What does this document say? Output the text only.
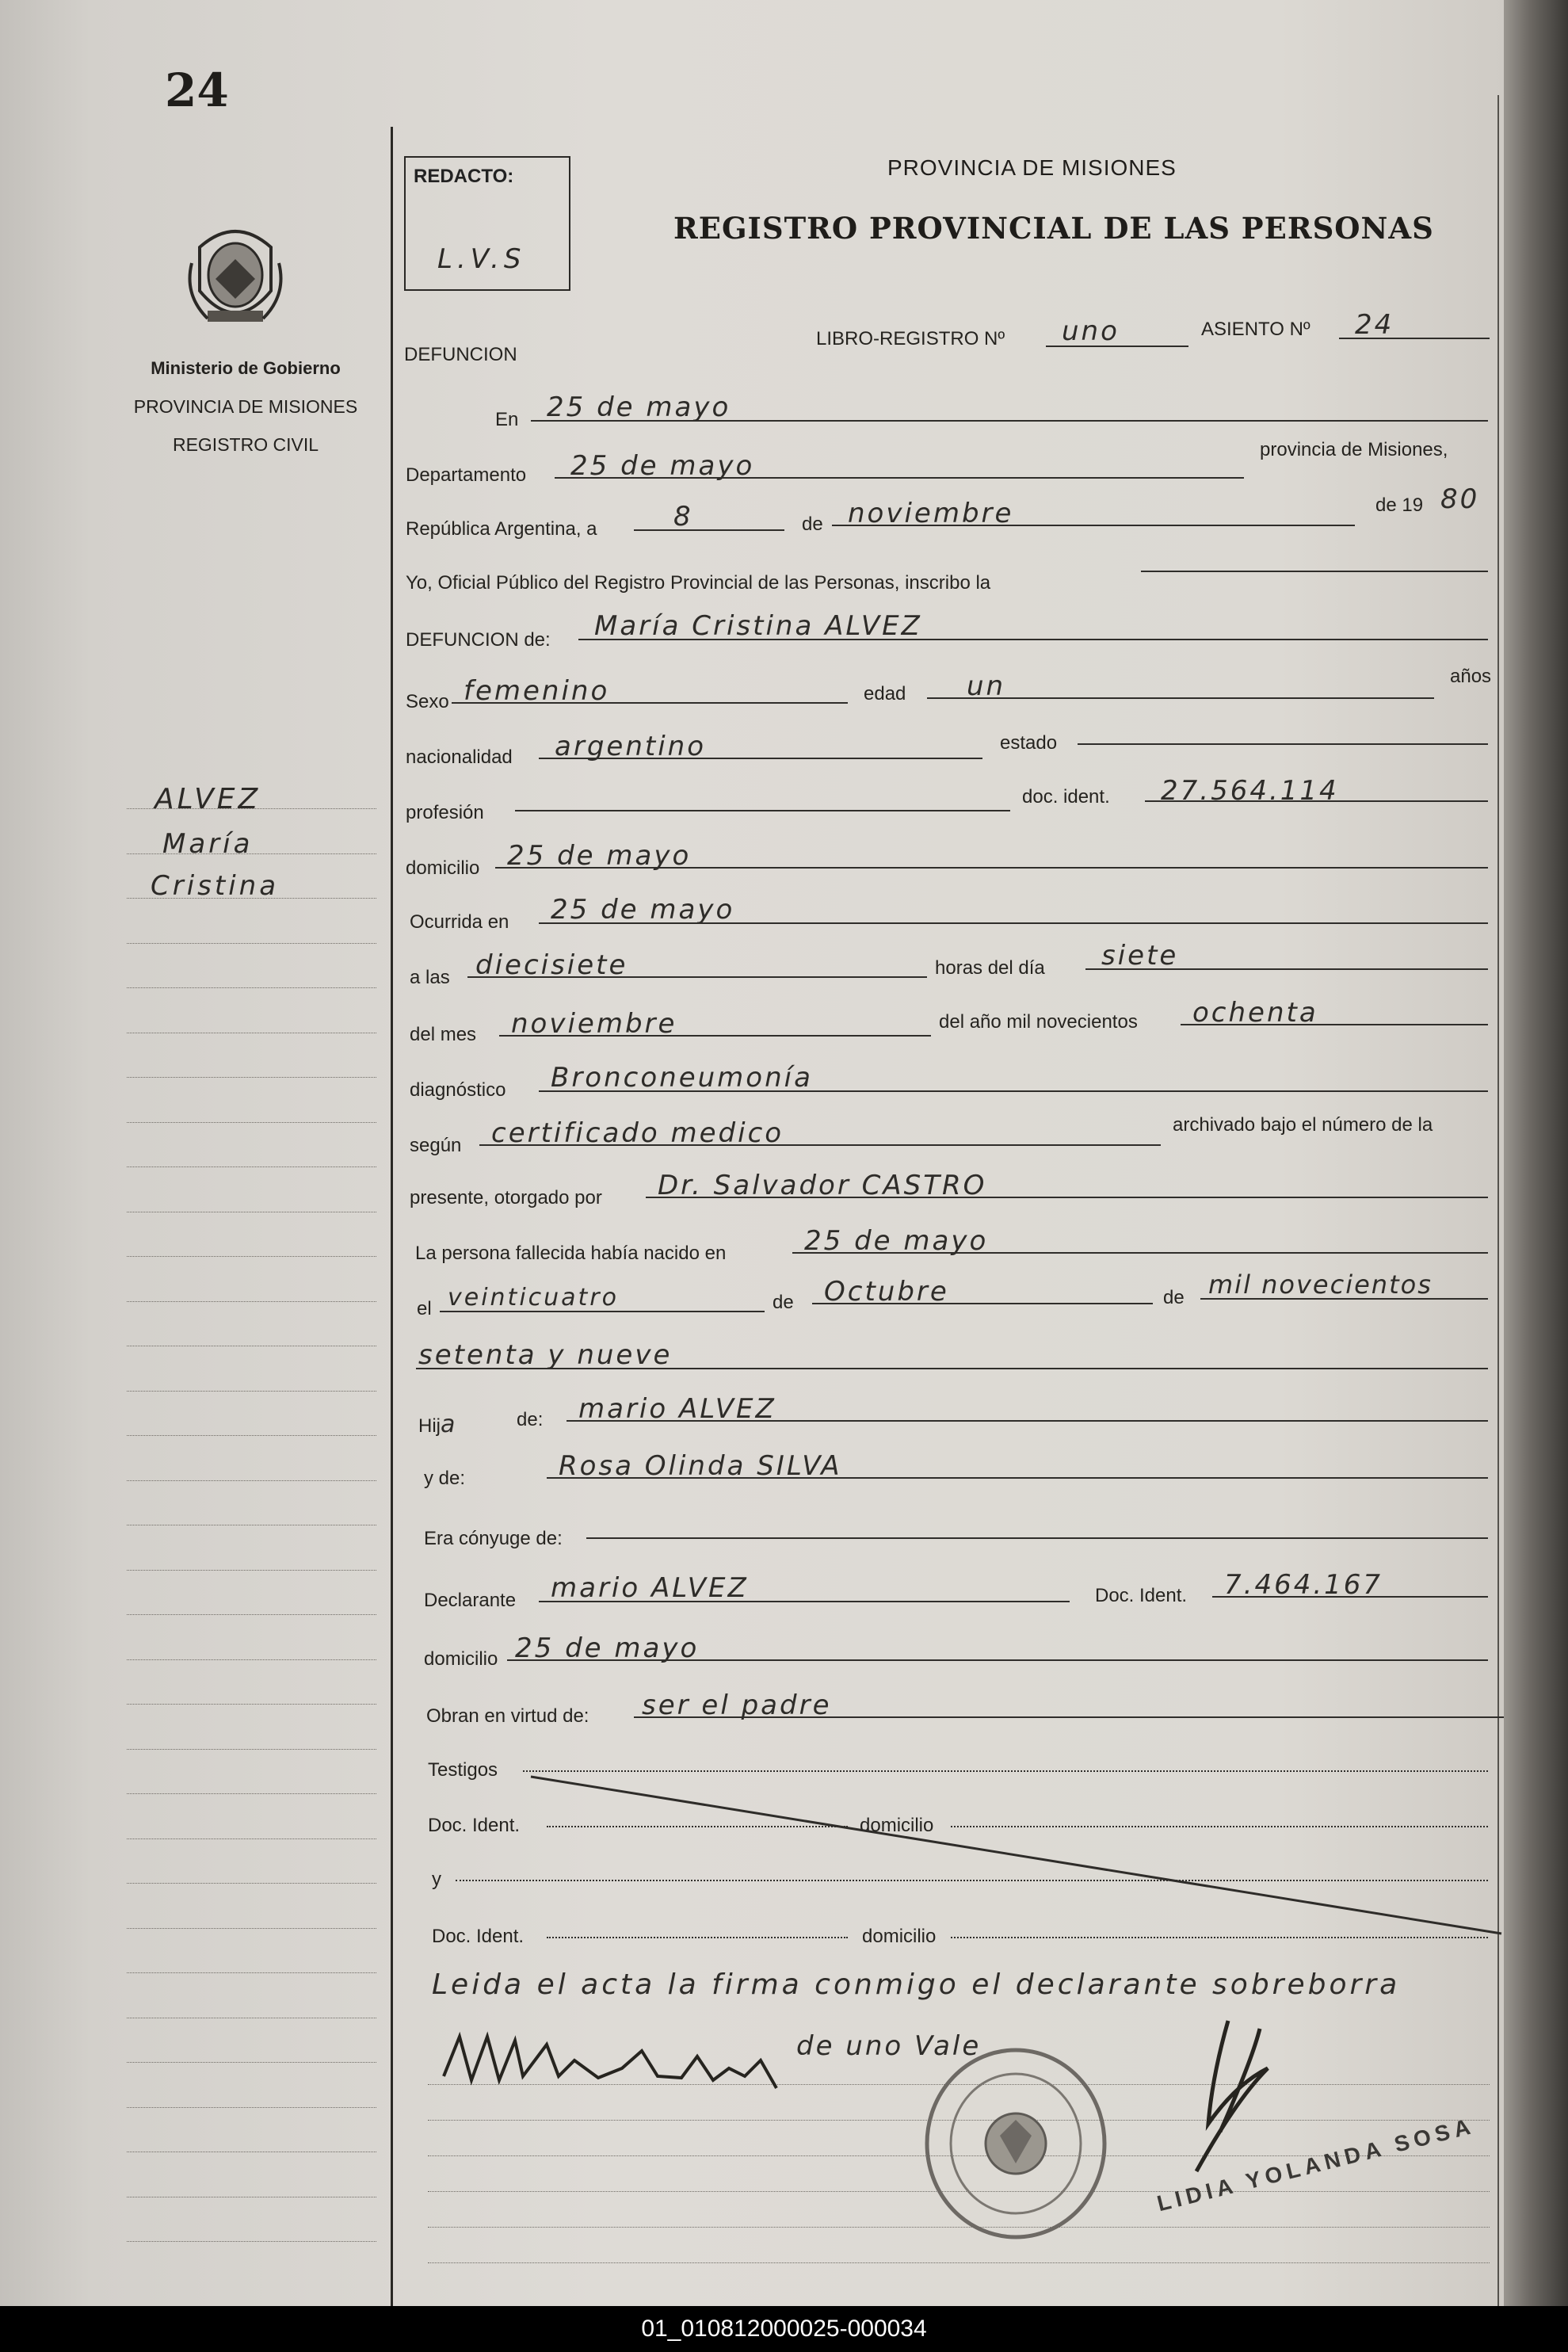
24
Ministerio de Gobierno
PROVINCIA DE MISIONES
REGISTRO CIVIL
ALVEZ
María
Cristina
REDACTO:
L.V.S
PROVINCIA DE MISIONES
REGISTRO PROVINCIAL DE LAS PERSONAS
LIBRO-REGISTRO Nº uno	ASIENTO Nº 24
DEFUNCION
En 25 de mayo
Departamento 25 de mayo
provincia de Misiones,
República Argentina, a	8	de noviembre	de 19 80
Yo, Oficial Público del Registro Provincial de las Personas, inscribo la
DEFUNCION de: María Cristina ALVEZ
Sexo femenino	edad un	años
nacionalidad argentino	estado
profesión
doc. ident. 27.564.114
domicilio 25 de mayo
Ocurrida en 25 de mayo
a las diecisiete	horas del día siete
del mes noviembre	del año mil novecientos ochenta
diagnóstico Bronconeumonía
según certificado medico	archivado bajo el número de la
presente, otorgado por Dr. Salvador CASTRO
La persona fallecida había nacido en	25 de mayo
el veinticuatro	de Octubre	de mil novecientos
setenta y nueve
Hija	de: mario ALVEZ
y de:	Rosa Olinda SILVA
Era cónyuge de:
Declarante mario ALVEZ	Doc. Ident. 7.464.167
domicilio 25 de mayo
Obran en virtud de: ser el padre
Testigos
Doc. Ident.	domicilio
y
Doc. Ident.	domicilio
Leida el acta la firma conmigo el declarante sobreborra
de uno Vale
LIDIA YOLANDA SOSA
01_010812000025-000034
